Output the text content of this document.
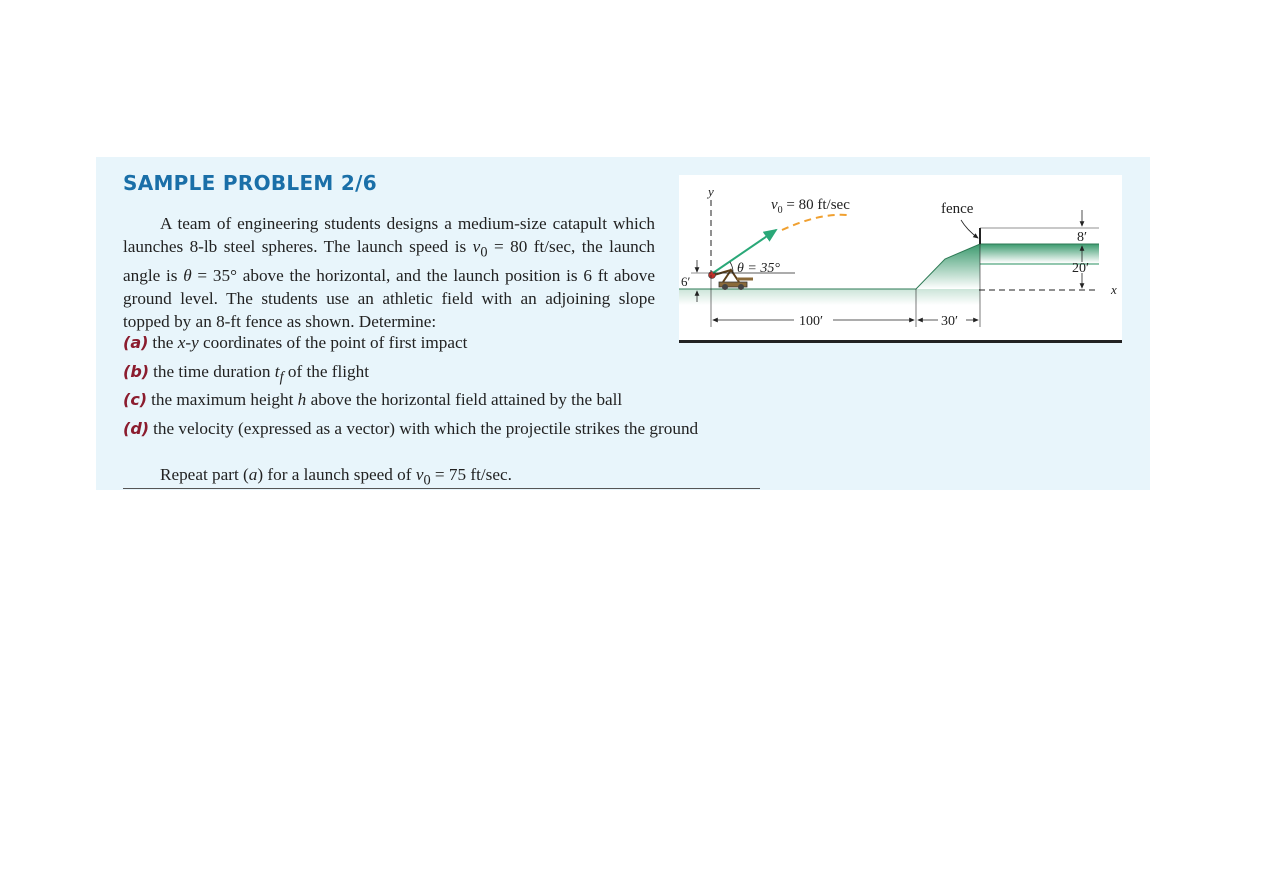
SAMPLE PROBLEM 2/6
A team of engineering students designs a medium-size catapult which launches 8-lb steel spheres. The launch speed is $v_0 = 80$ ft/sec, the launch angle is θ = 35° above the horizontal, and the launch position is 6 ft above ground level. The students use an athletic field with an adjoining slope topped by an 8-ft fence as shown. Determine:
(a) the x-y coordinates of the point of first impact
(b) the time duration $t_f$ of the flight
(c) the maximum height h above the horizontal field attained by the ball
(d) the velocity (expressed as a vector) with which the projectile strikes the ground
Repeat part (a) for a launch speed of $v_0 = 75$ ft/sec.
y
x
$v_0 = 80$ ft/sec
θ = 35°
6′
100′	30′
fence
8′
20′
